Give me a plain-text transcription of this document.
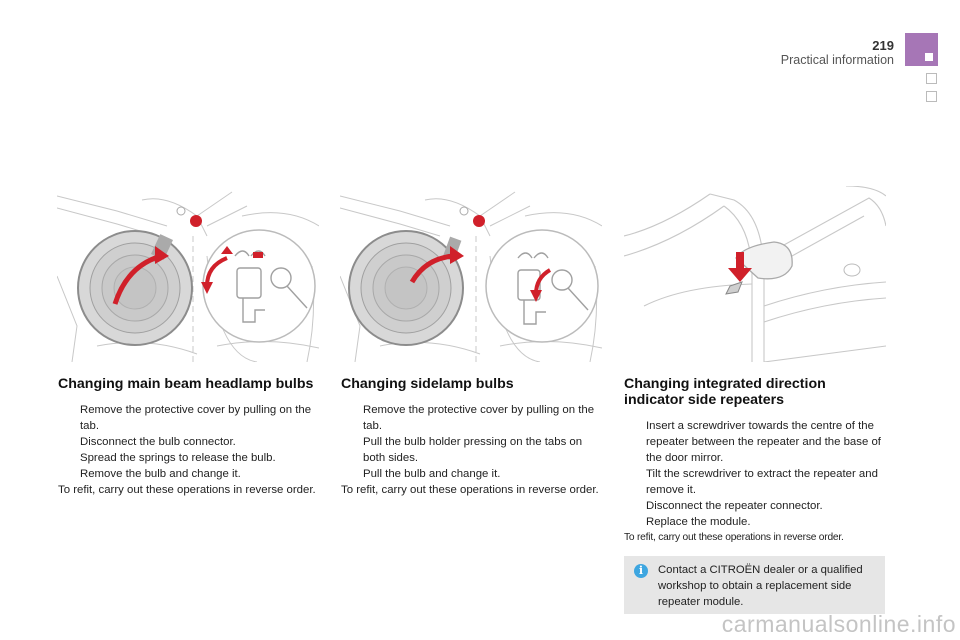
219
Practical information
Changing main beam headlamp bulbs
Remove the protective cover by pulling on the tab.
Disconnect the bulb connector.
Spread the springs to release the bulb.
Remove the bulb and change it.

To refit, carry out these operations in reverse order.

Changing sidelamp bulbs
Remove the protective cover by pulling on the tab.
Pull the bulb holder pressing on the tabs on both sides.
Pull the bulb and change it.

To refit, carry out these operations in reverse order.

Changing integrated direction indicator side repeaters
Insert a screwdriver towards the centre of the repeater between the repeater and the base of the door mirror.
Tilt the screwdriver to extract the repeater and remove it.
Disconnect the repeater connector.
Replace the module.

To refit, carry out these operations in reverse order.

i	Contact a CITROËN dealer or a qualified workshop to obtain a replacement side repeater module.
carmanualsonline.info
